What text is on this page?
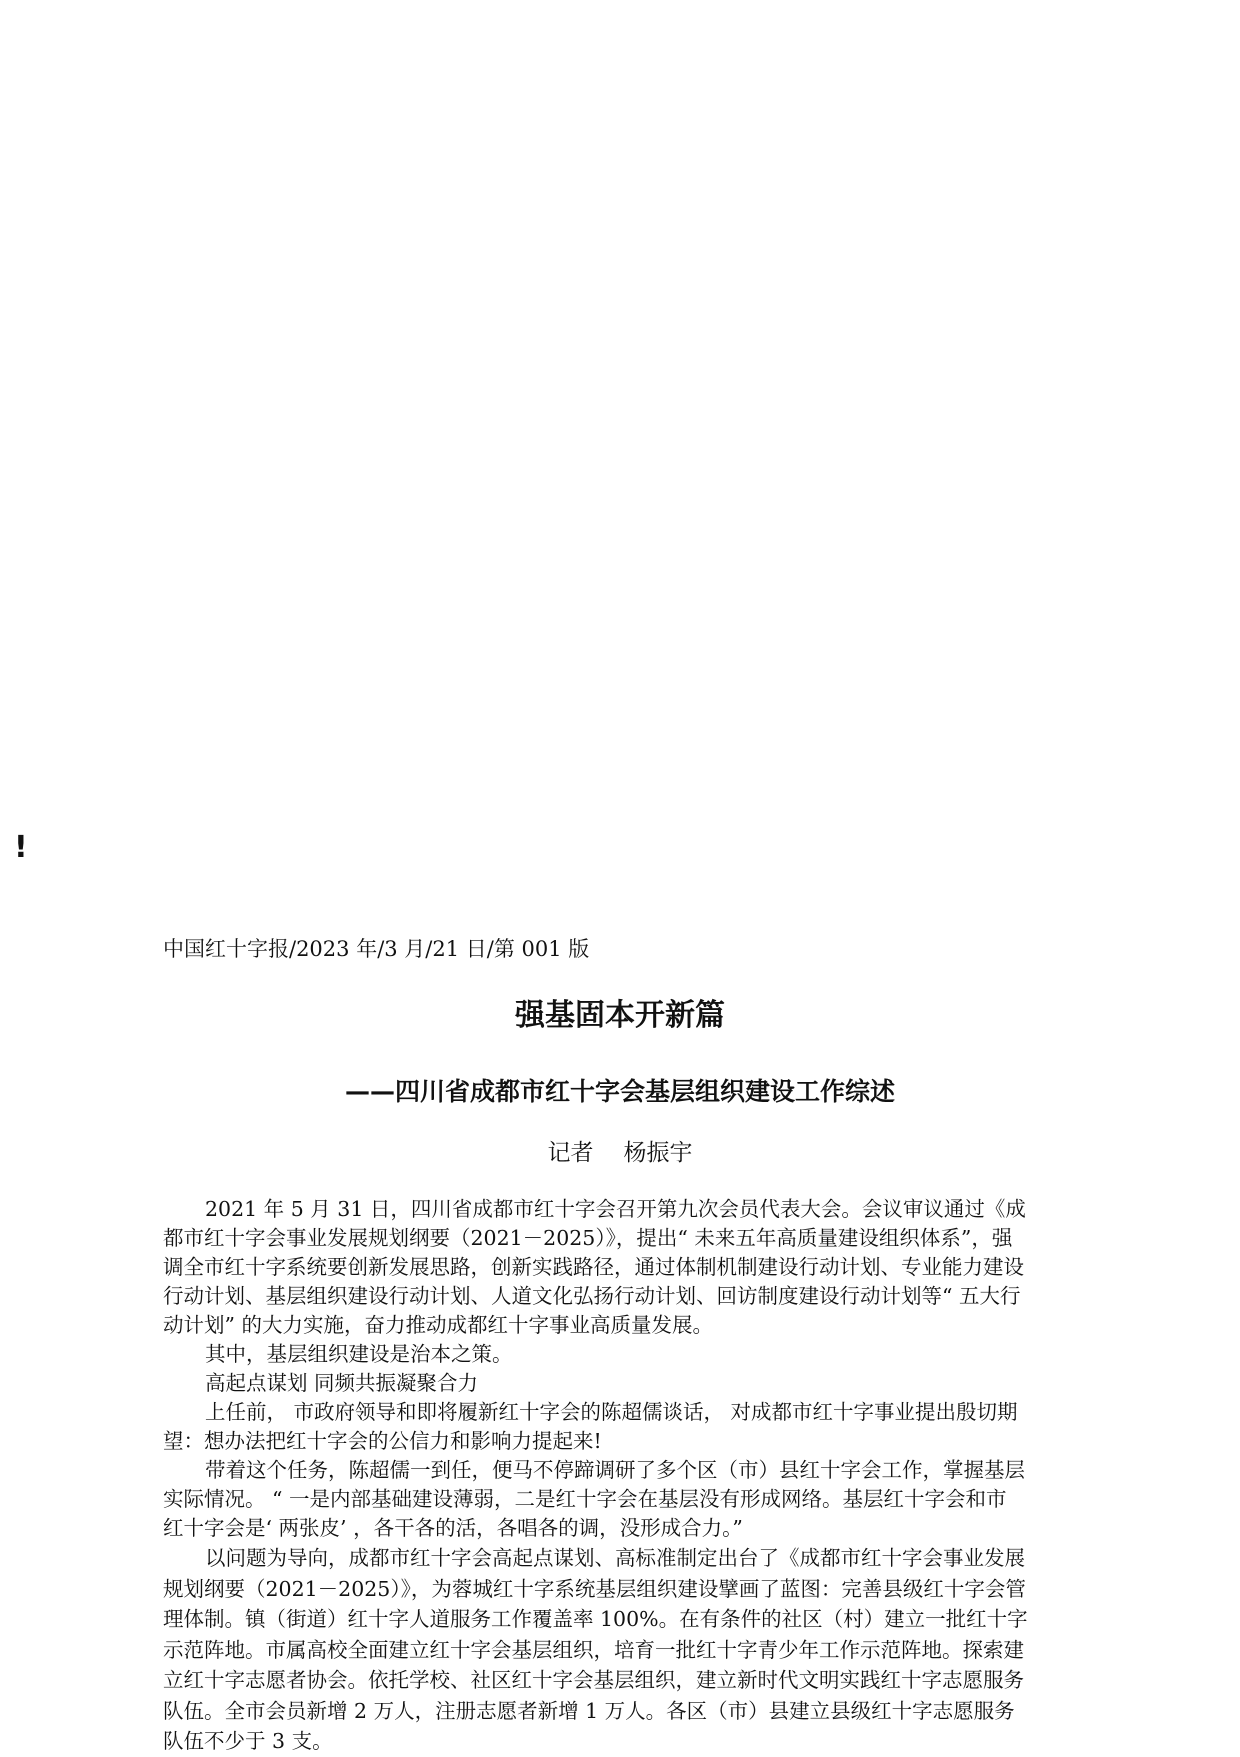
!
中国红十字报/2023 年/3 月/21 日/第 001 版
强基固本开新篇
——四川省成都市红十字会基层组织建设工作综述
记者 杨振宇
2021 年 5 月 31 日，四川省成都市红十字会召开第九次会员代表大会。会议审议通过《成
都市红十字会事业发展规划纲要（2021－2025）》，提出“ 未来五年高质量建设组织体系”，强
调全市红十字系统要创新发展思路，创新实践路径，通过体制机制建设行动计划、专业能力建设
行动计划、基层组织建设行动计划、人道文化弘扬行动计划、回访制度建设行动计划等“ 五大行
动计划” 的大力实施，奋力推动成都红十字事业高质量发展。
其中，基层组织建设是治本之策。
高起点谋划 同频共振凝聚合力
上任前， 市政府领导和即将履新红十字会的陈超儒谈话， 对成都市红十字事业提出殷切期
望：想办法把红十字会的公信力和影响力提起来!
带着这个任务，陈超儒一到任，便马不停蹄调研了多个区（市）县红十字会工作，掌握基层
实际情况。 “ 一是内部基础建设薄弱，二是红十字会在基层没有形成网络。基层红十字会和市
红十字会是‘ 两张皮’ ，各干各的活，各唱各的调，没形成合力。”
以问题为导向，成都市红十字会高起点谋划、高标准制定出台了《成都市红十字会事业发展
规划纲要（2021－2025）》，为蓉城红十字系统基层组织建设擘画了蓝图：完善县级红十字会管
理体制。镇（街道）红十字人道服务工作覆盖率 100%。在有条件的社区（村）建立一批红十字
示范阵地。市属高校全面建立红十字会基层组织，培育一批红十字青少年工作示范阵地。探索建
立红十字志愿者协会。依托学校、社区红十字会基层组织，建立新时代文明实践红十字志愿服务
队伍。全市会员新增 2 万人，注册志愿者新增 1 万人。各区（市）县建立县级红十字志愿服务
队伍不少于 3 支。
